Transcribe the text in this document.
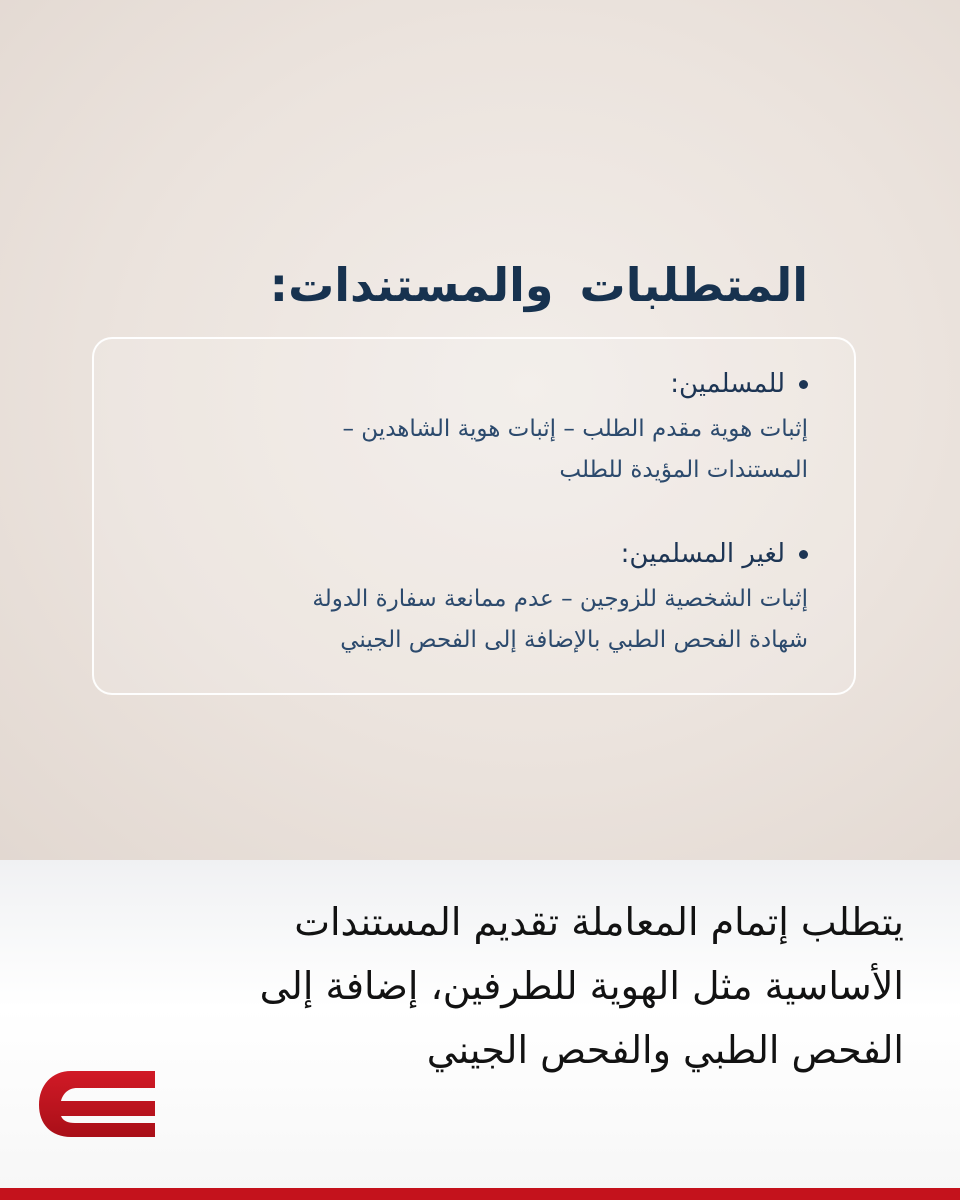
المتطلبات والمستندات:
للمسلمين:
إثبات هوية مقدم الطلب – إثبات هوية الشاهدين –
المستندات المؤيدة للطلب
لغير المسلمين:
إثبات الشخصية للزوجين – عدم ممانعة سفارة الدولة
شهادة الفحص الطبي بالإضافة إلى الفحص الجيني
يتطلب إتمام المعاملة تقديم المستندات
الأساسية مثل الهوية للطرفين، إضافة إلى
الفحص الطبي والفحص الجيني
